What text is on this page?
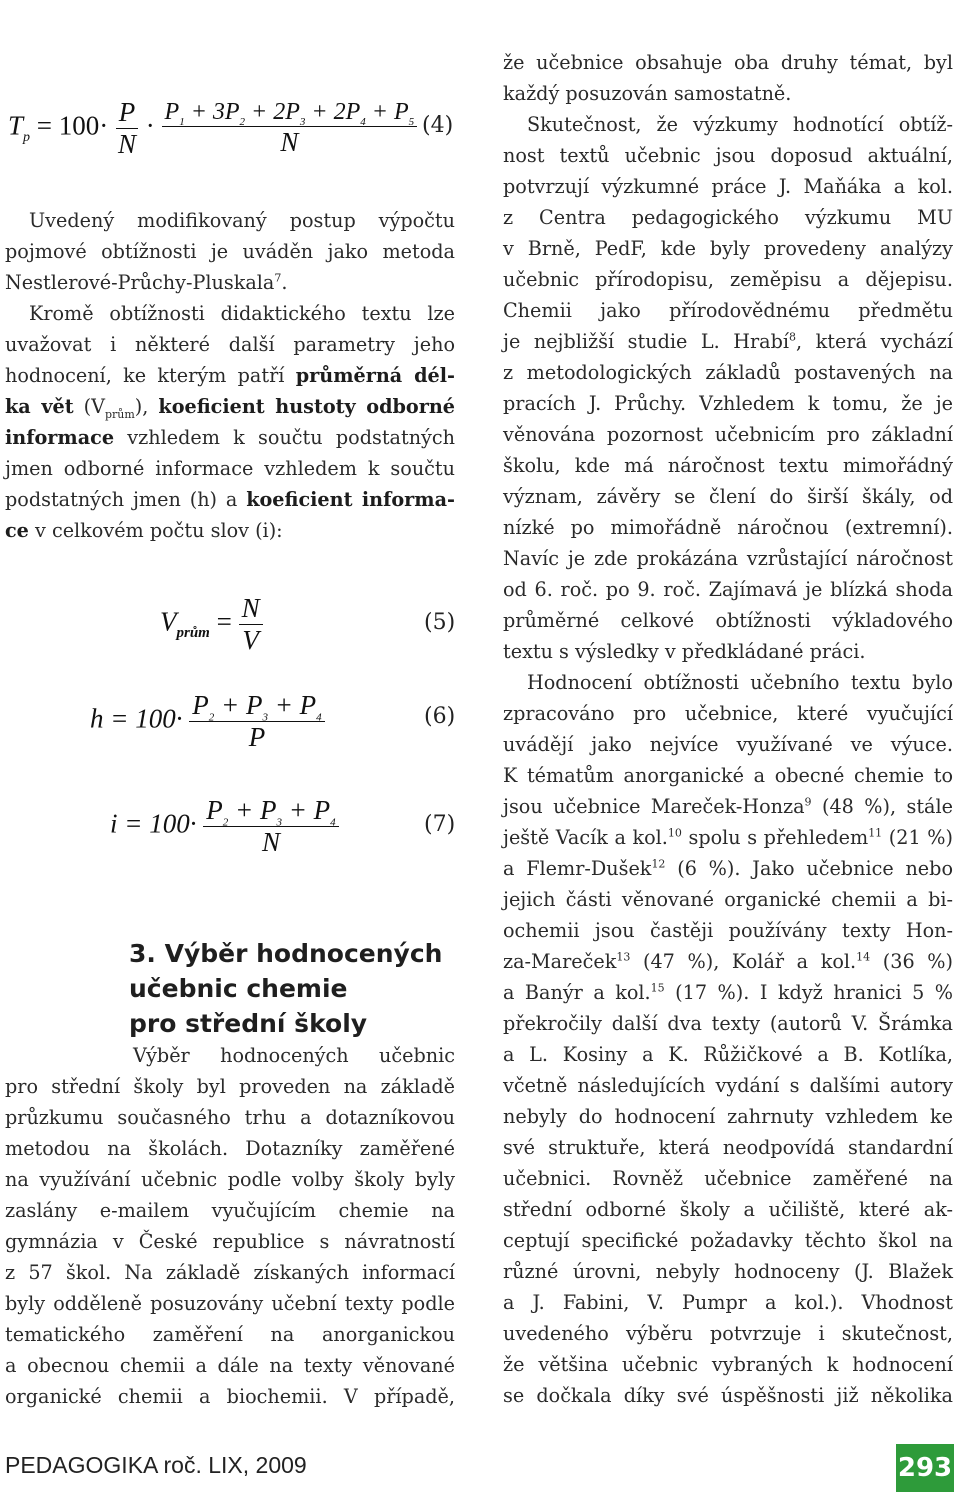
$T_p = 100\cdot \frac{P}{N} \cdot \frac{P_1 + 3P_2 + 2P_3 + 2P_4 + P_5}{N} (4)$
Uvedený modifikovaný postup výpočtu
pojmové obtížnosti je uváděn jako metoda
Nestlerové-Průchy-Pluskala$^7$.
Kromě obtížnosti didaktického textu lze
uvažovat i některé další parametry jeho
hodnocení, ke kterým patří průměrná dél-
ka vět $(V_{prům})$, koeficient hustoty odborné
informace vzhledem k součtu podstatných
jmen odborné informace vzhledem k součtu
podstatných jmen (h) a koeficient informa-
ce v celkovém počtu slov (i):
$V_{prům} = \frac{N}{V}$	(5)
$h = 100\cdot \frac{P_2 + P_3 + P_4}{P}$	(6)
$i = 100\cdot \frac{P_2 + P_3 + P_4}{N}$	(7)
3. Výběr hodnocených
učebnic chemie
pro střední školy
Výběr hodnocených učebnic
pro střední školy byl proveden na základě
průzkumu současného trhu a dotazníkovou
metodou na školách. Dotazníky zaměřené
na využívání učebnic podle volby školy byly
zaslány e-mailem vyučujícím chemie na
gymnázia v České republice s návratností
z 57 škol. Na základě získaných informací
byly odděleně posuzovány učební texty podle
tematického zaměření na anorganickou
a obecnou chemii a dále na texty věnované
organické chemii a biochemii. V případě,
že učebnice obsahuje oba druhy témat, byl
každý posuzován samostatně.
Skutečnost, že výzkumy hodnotící obtíž-
nost textů učebnic jsou doposud aktuální,
potvrzují výzkumné práce J. Maňáka a kol.
z Centra pedagogického výzkumu MU
v Brně, PedF, kde byly provedeny analýzy
učebnic přírodopisu, zeměpisu a dějepisu.
Chemii jako přírodovědnému předmětu
je nejbližší studie L. Hrabí$^8$, která vychází
z metodologických základů postavených na
pracích J. Průchy. Vzhledem k tomu, že je
věnována pozornost učebnicím pro základní
školu, kde má náročnost textu mimořádný
význam, závěry se člení do širší škály, od
nízké po mimořádně náročnou (extremní).
Navíc je zde prokázána vzrůstající náročnost
od 6. roč. po 9. roč. Zajímavá je blízká shoda
průměrné celkové obtížnosti výkladového
textu s výsledky v předkládané práci.
Hodnocení obtížnosti učebního textu bylo
zpracováno pro učebnice, které vyučující
uvádějí jako nejvíce využívané ve výuce.
K tématům anorganické a obecné chemie to
jsou učebnice Mareček-Honza$^9$ (48 %), stále
ještě Vacík a kol.$^{10}$ spolu s přehledem$^{11}$ (21 %)
a Flemr-Dušek$^{12}$ (6 %). Jako učebnice nebo
jejich části věnované organické chemii a bi-
ochemii jsou častěji používány texty Hon-
za-Mareček$^{13}$ (47 %), Kolář a kol.$^{14}$ (36 %)
a Banýr a kol.$^{15}$ (17 %). I když hranici 5 %
překročily další dva texty (autorů V. Šrámka
a L. Kosiny a K. Růžičkové a B. Kotlíka,
včetně následujících vydání s dalšími autory
nebyly do hodnocení zahrnuty vzhledem ke
své struktuře, která neodpovídá standardní
učebnici. Rovněž učebnice zaměřené na
střední odborné školy a učiliště, které ak-
ceptují specifické požadavky těchto škol na
různé úrovni, nebyly hodnoceny (J. Blažek
a J. Fabini, V. Pumpr a kol.). Vhodnost
uvedeného výběru potvrzuje i skutečnost,
že většina učebnic vybraných k hodnocení
se dočkala díky své úspěšnosti již několika
PEDAGOGIKA roč. LIX, 2009	293
